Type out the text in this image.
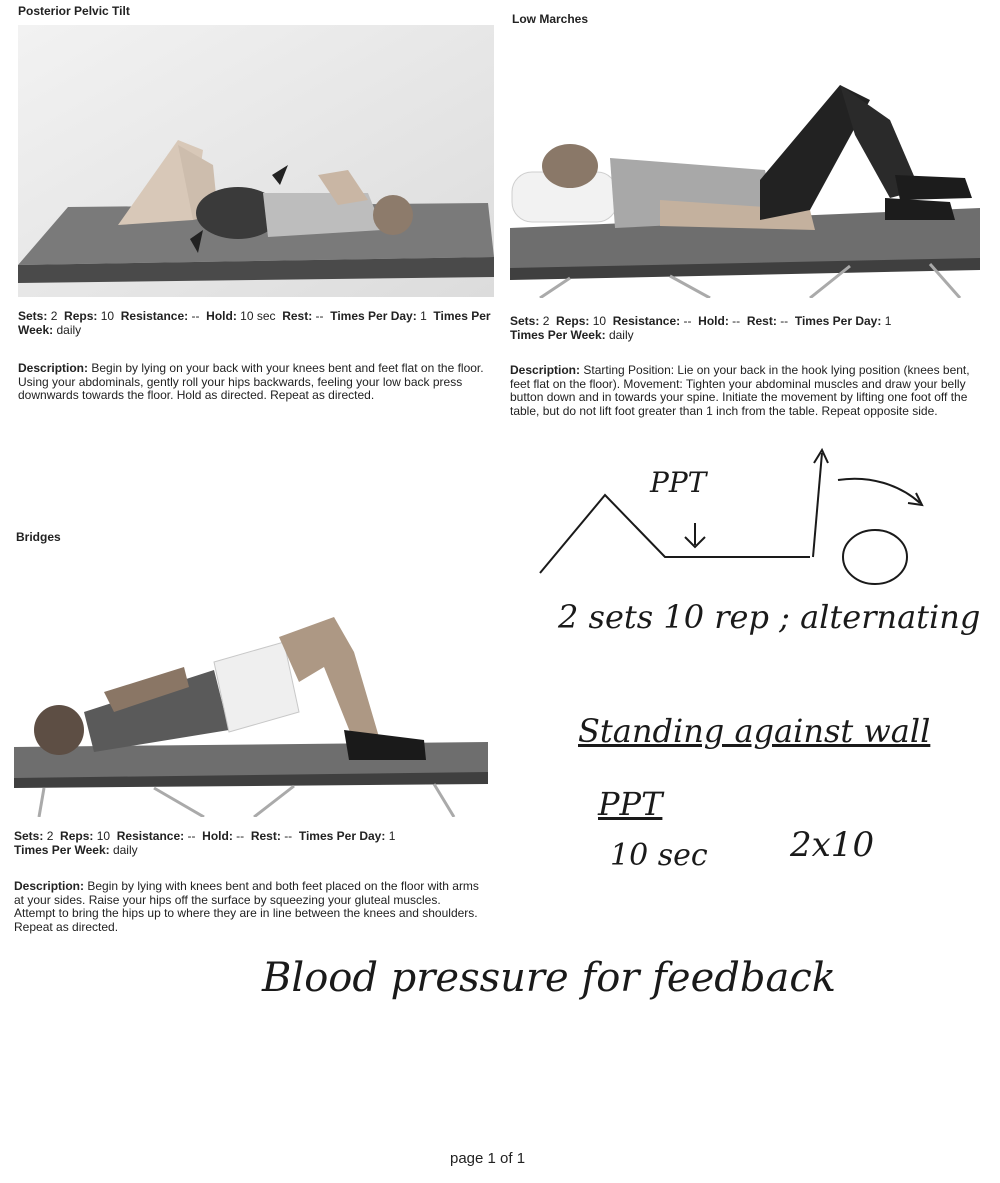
Posterior Pelvic Tilt
Sets: 2 Reps: 10 Resistance: -- Hold: 10 sec Rest: -- Times Per Day: 1 Times Per Week: daily
Description: Begin by lying on your back with your knees bent and feet flat on the floor. Using your abdominals, gently roll your hips backwards, feeling your low back press downwards towards the floor. Hold as directed. Repeat as directed.
Low Marches
Sets: 2 Reps: 10 Resistance: -- Hold: -- Rest: -- Times Per Day: 1
Times Per Week: daily
Description: Starting Position: Lie on your back in the hook lying position (knees bent, feet flat on the floor). Movement: Tighten your abdominal muscles and draw your belly button down and in towards your spine. Initiate the movement by lifting one foot off the table, but do not lift foot greater than 1 inch from the table. Repeat opposite side.
PPT
2 sets 10 rep ; alternating
Bridges
Sets: 2 Reps: 10 Resistance: -- Hold: -- Rest: -- Times Per Day: 1
Times Per Week: daily
Description: Begin by lying with knees bent and both feet placed on the floor with arms at your sides. Raise your hips off the surface by squeezing your gluteal muscles. Attempt to bring the hips up to where they are in line between the knees and shoulders. Repeat as directed.
Standing against wall
PPT
10 sec 2x10
Blood pressure for feedback
page 1 of 1
